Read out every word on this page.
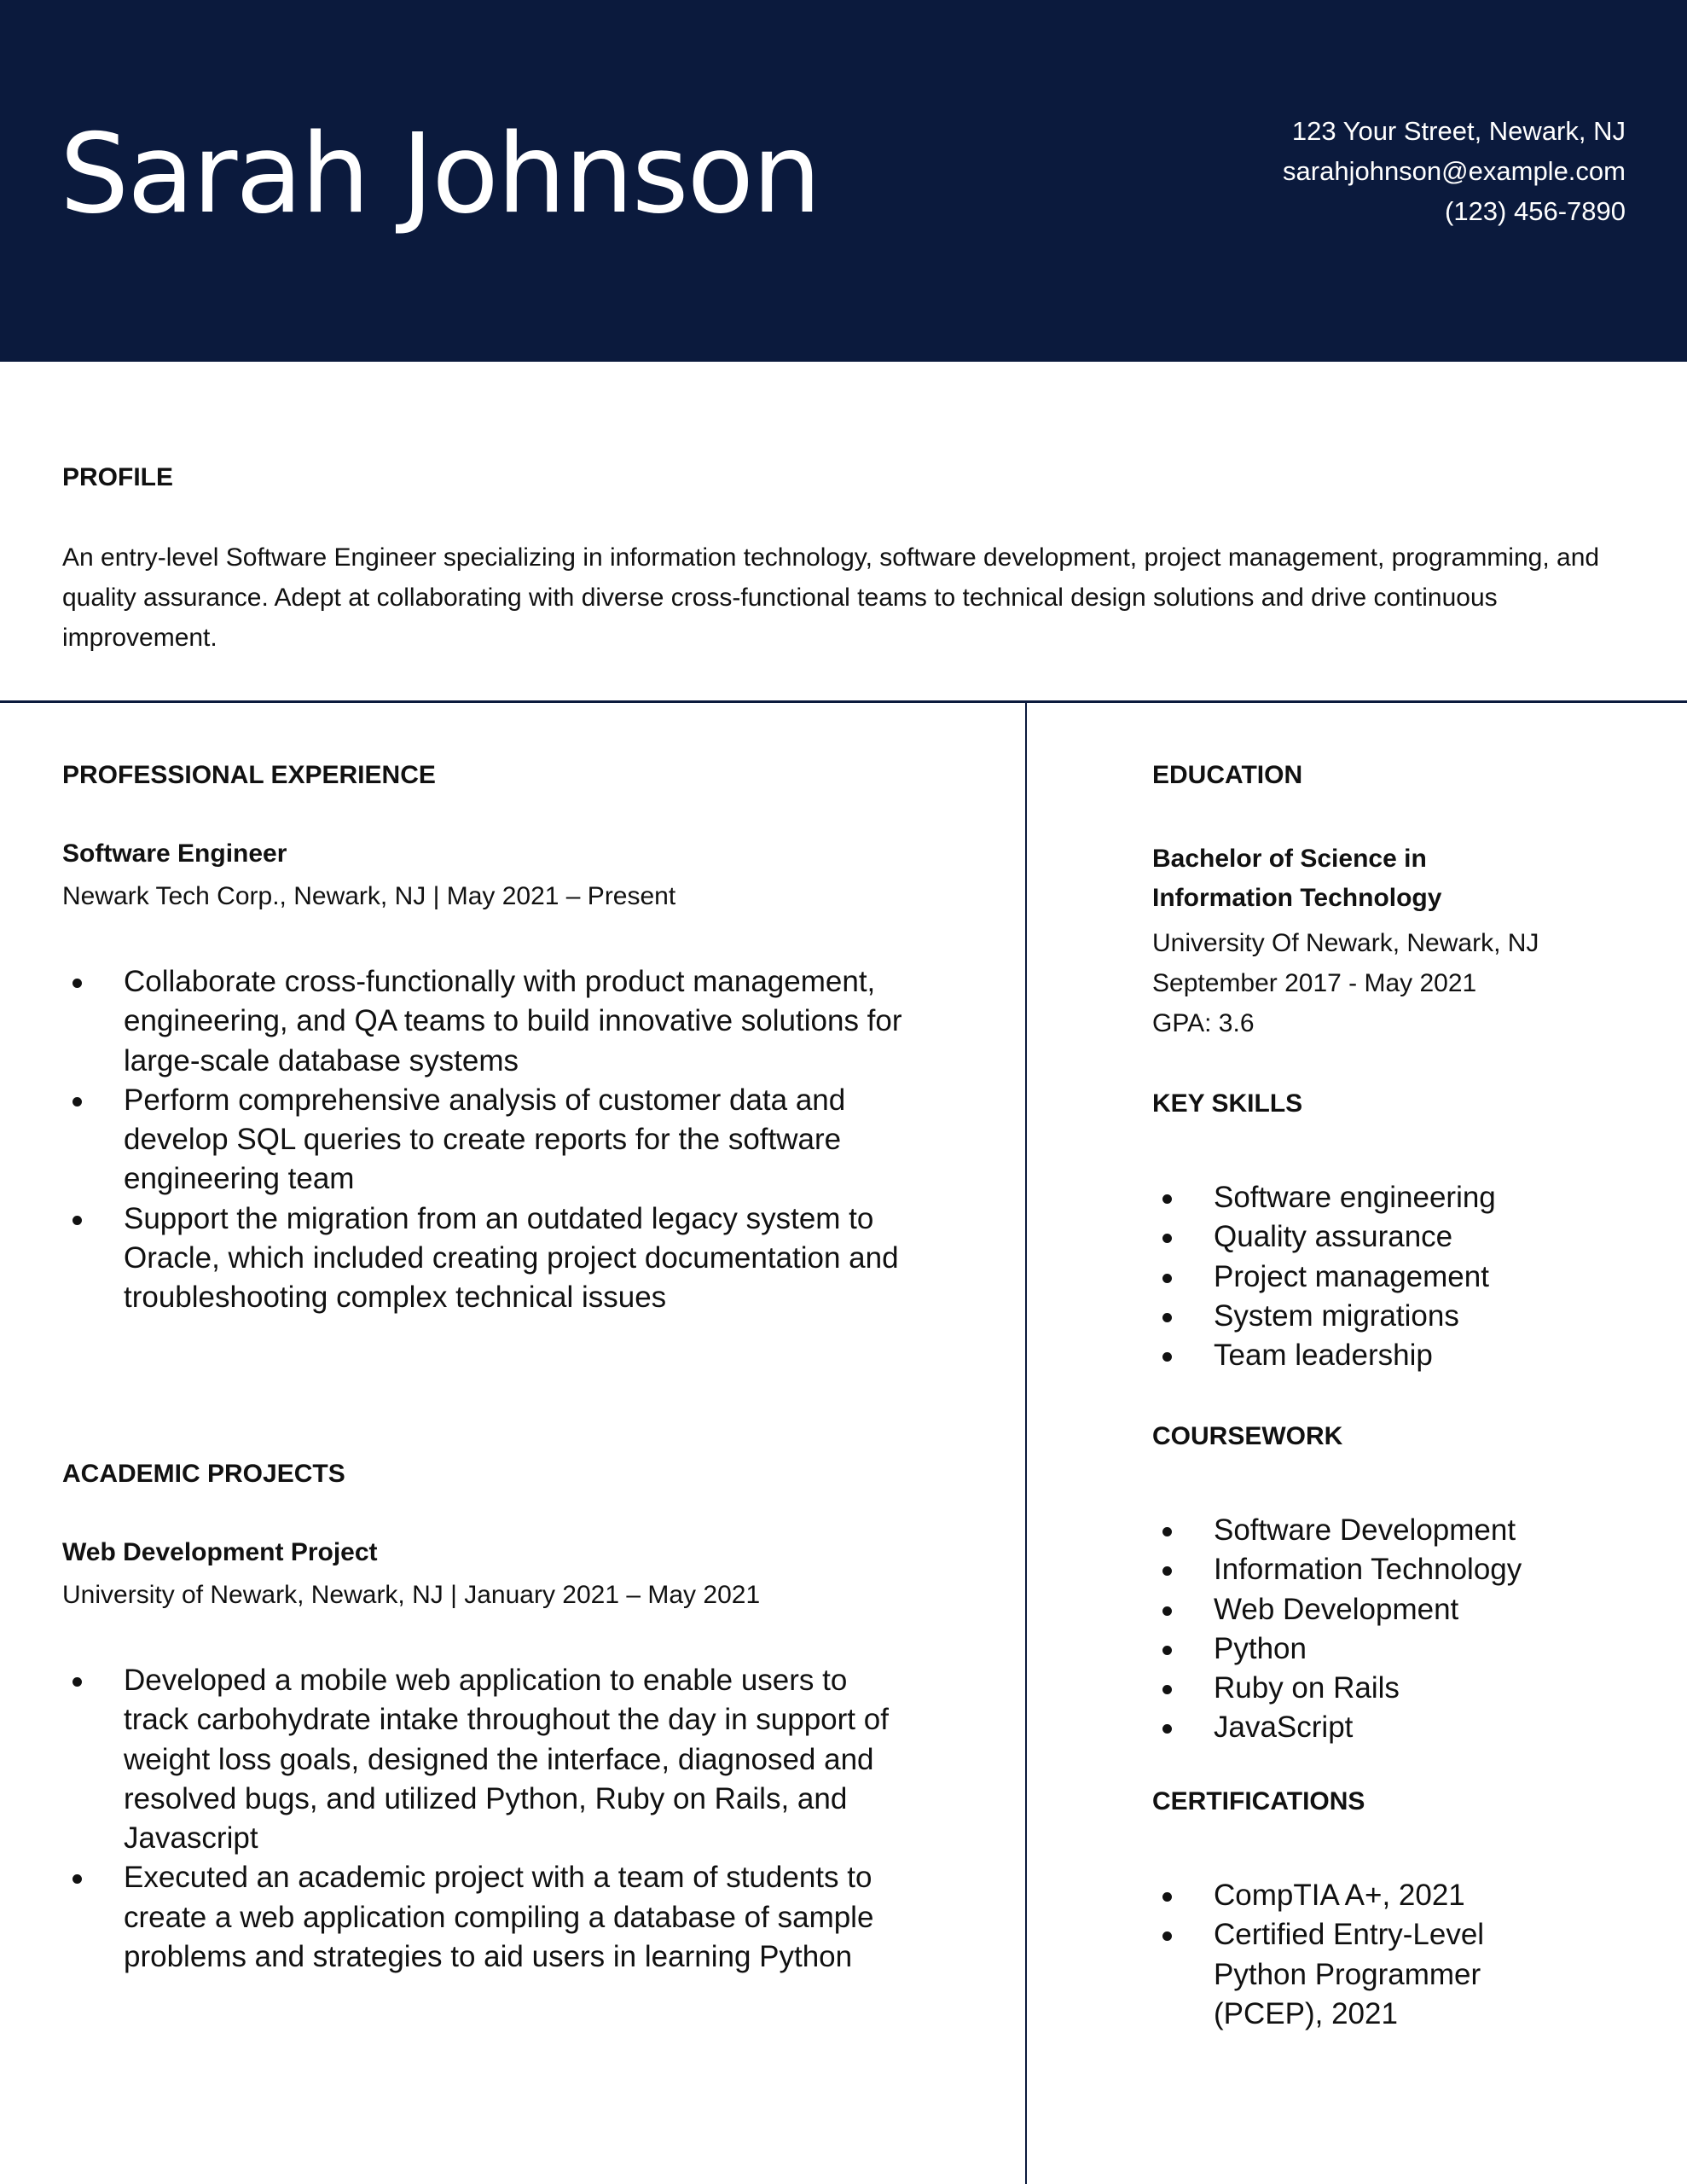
Sarah Johnson	123 Your Street, Newark, NJ
sarahjohnson@example.com
(123) 456-7890
PROFILE

An entry-level Software Engineer specializing in information technology, software development, project management, programming, and quality assurance. Adept at collaborating with diverse cross-functional teams to technical design solutions and drive continuous improvement.

PROFESSIONAL EXPERIENCE
Software Engineer
Newark Tech Corp., Newark, NJ | May 2021 – Present
Collaborate cross-functionally with product management, engineering, and QA teams to build innovative solutions for large-scale database systems
Perform comprehensive analysis of customer data and develop SQL queries to create reports for the software engineering team
Support the migration from an outdated legacy system to Oracle, which included creating project documentation and troubleshooting complex technical issues
ACADEMIC PROJECTS
Web Development Project
University of Newark, Newark, NJ | January 2021 – May 2021
Developed a mobile web application to enable users to track carbohydrate intake throughout the day in support of weight loss goals, designed the interface, diagnosed and resolved bugs, and utilized Python, Ruby on Rails, and Javascript
Executed an academic project with a team of students to create a web application compiling a database of sample problems and strategies to aid users in learning Python
EDUCATION
Bachelor of Science in
Information Technology
University Of Newark, Newark, NJ
September 2017 - May 2021
GPA: 3.6
KEY SKILLS
Software engineering
Quality assurance
Project management
System migrations
Team leadership
COURSEWORK
Software Development
Information Technology
Web Development
Python
Ruby on Rails
JavaScript
CERTIFICATIONS
CompTIA A+, 2021
Certified Entry-Level Python Programmer (PCEP), 2021
